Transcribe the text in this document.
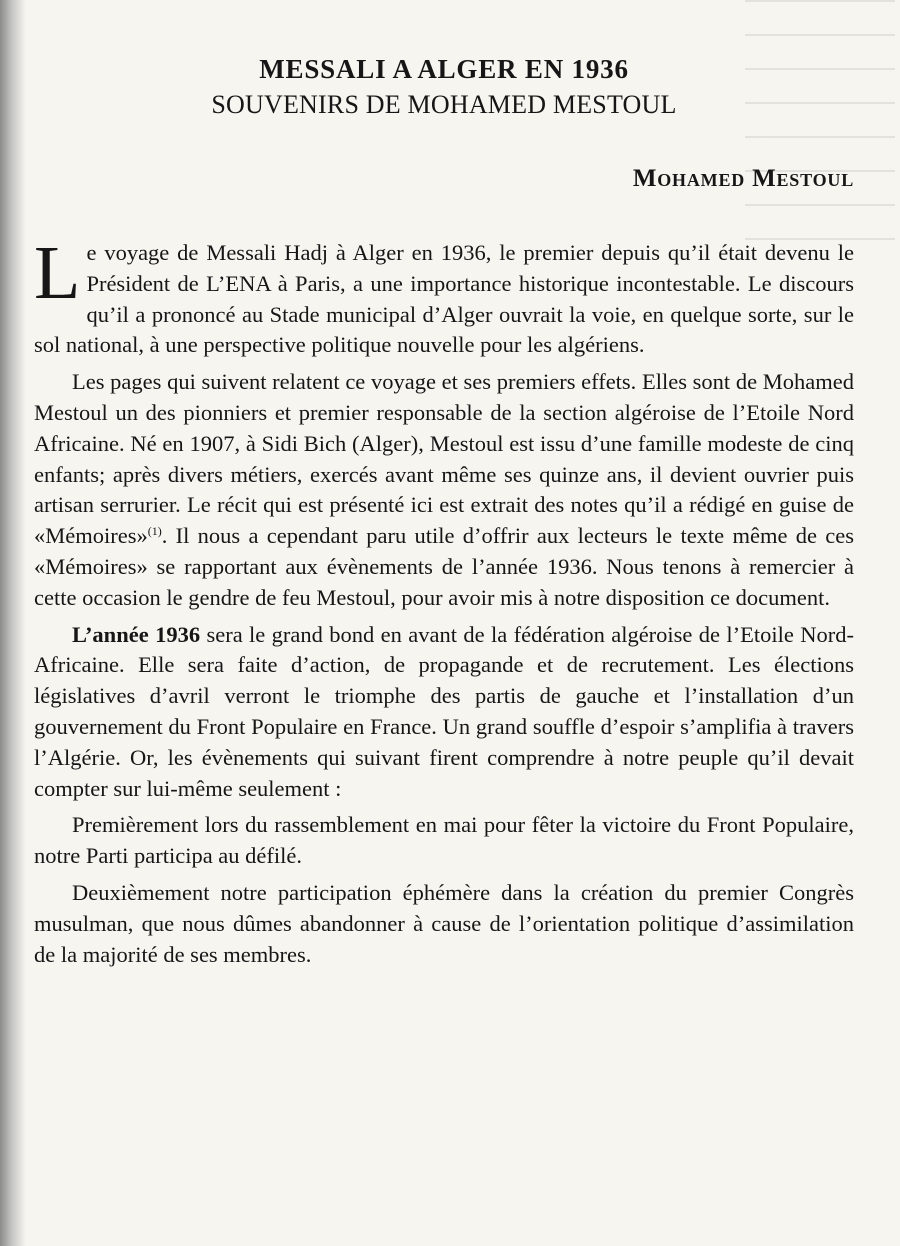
MESSALI A ALGER EN 1936
SOUVENIRS DE MOHAMED MESTOUL
Mohamed Mestoul

Le voyage de Messali Hadj à Alger en 1936, le premier depuis qu’il était devenu le Président de L’ENA à Paris, a une importance historique incontestable. Le discours qu’il a prononcé au Stade municipal d’Alger ouvrait la voie, en quelque sorte, sur le sol national, à une perspective politique nouvelle pour les algériens.

Les pages qui suivent relatent ce voyage et ses premiers effets. Elles sont de Mohamed Mestoul un des pionniers et premier responsable de la section algéroise de l’Etoile Nord Africaine. Né en 1907, à Sidi Bich (Alger), Mestoul est issu d’une famille modeste de cinq enfants; après divers métiers, exercés avant même ses quinze ans, il devient ouvrier puis artisan serrurier. Le récit qui est présenté ici est extrait des notes qu’il a rédigé en guise de «Mémoires»$^{(1)}$. Il nous a cependant paru utile d’offrir aux lecteurs le texte même de ces «Mémoires» se rapportant aux évènements de l’année 1936. Nous tenons à remercier à cette occasion le gendre de feu Mestoul, pour avoir mis à notre disposition ce document.

L’année 1936 sera le grand bond en avant de la fédération algéroise de l’Etoile Nord-Africaine. Elle sera faite d’action, de propagande et de recrutement. Les élections législatives d’avril verront le triomphe des partis de gauche et l’installation d’un gouvernement du Front Populaire en France. Un grand souffle d’espoir s’amplifia à travers l’Algérie. Or, les évènements qui suivant firent comprendre à notre peuple qu’il devait compter sur lui-même seulement :

Premièrement lors du rassemblement en mai pour fêter la victoire du Front Populaire, notre Parti participa au défilé.

Deuxièmement notre participation éphémère dans la création du premier Congrès musulman, que nous dûmes abandonner à cause de l’orientation politique d’assimilation de la majorité de ses membres.
